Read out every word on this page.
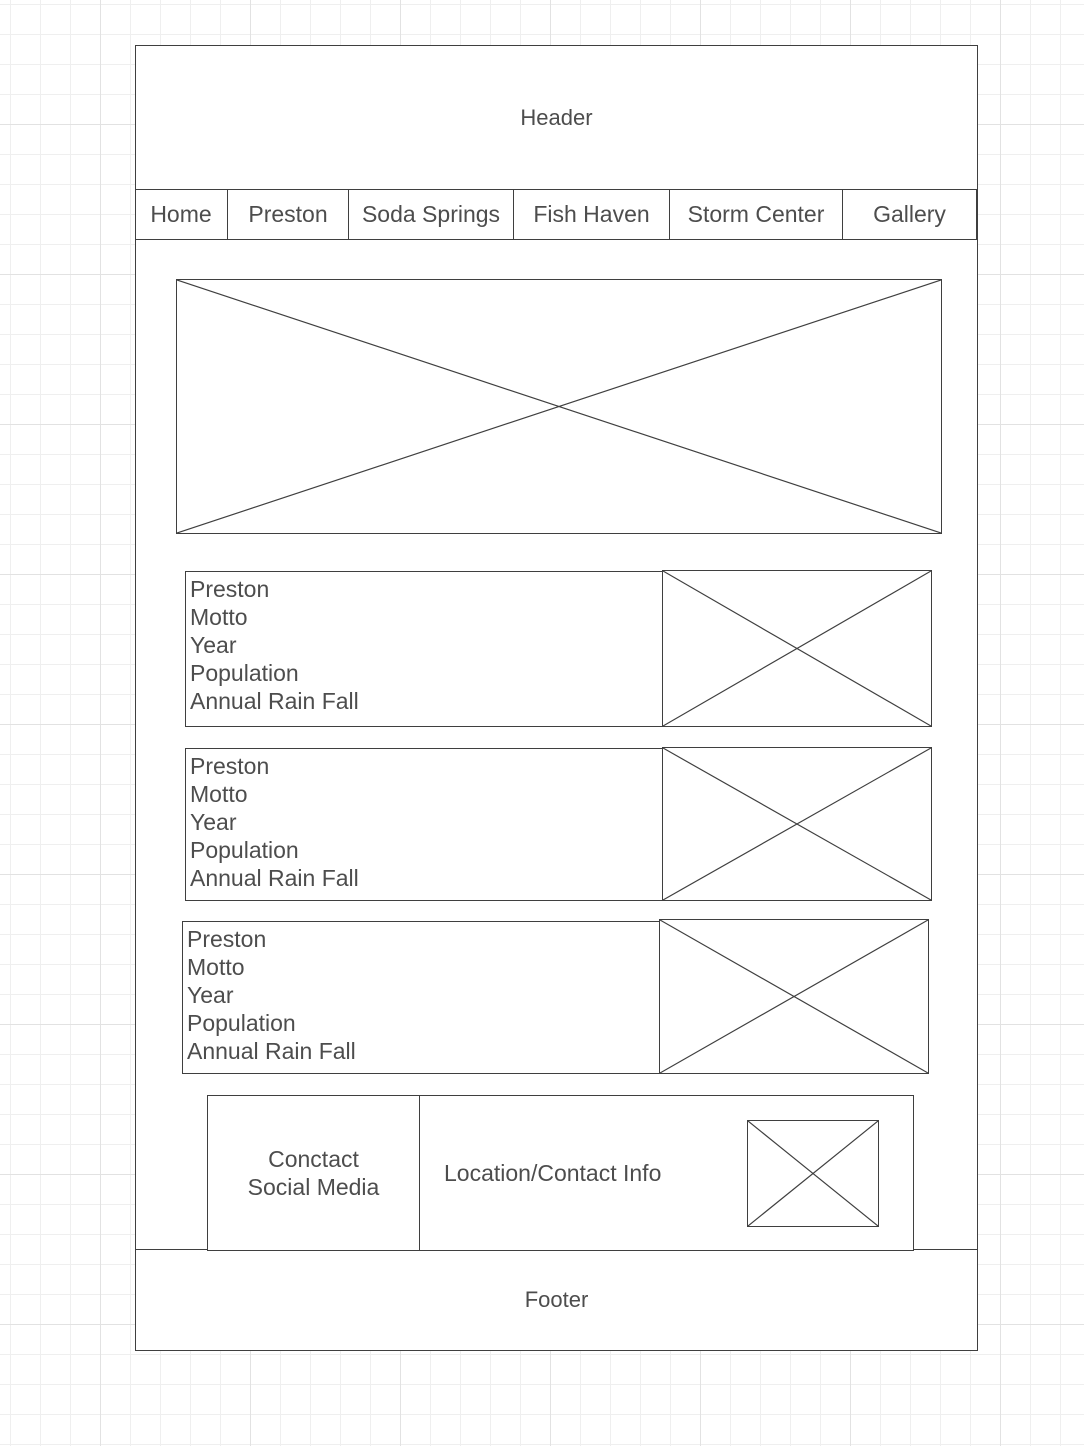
Header
Home Preston Soda Springs Fish Haven Storm Center Gallery
Preston
Motto
Year
Population
Annual Rain Fall
Preston
Motto
Year
Population
Annual Rain Fall
Preston
Motto
Year
Population
Annual Rain Fall
Footer
Conctact
Social Media
Location/Contact Info
